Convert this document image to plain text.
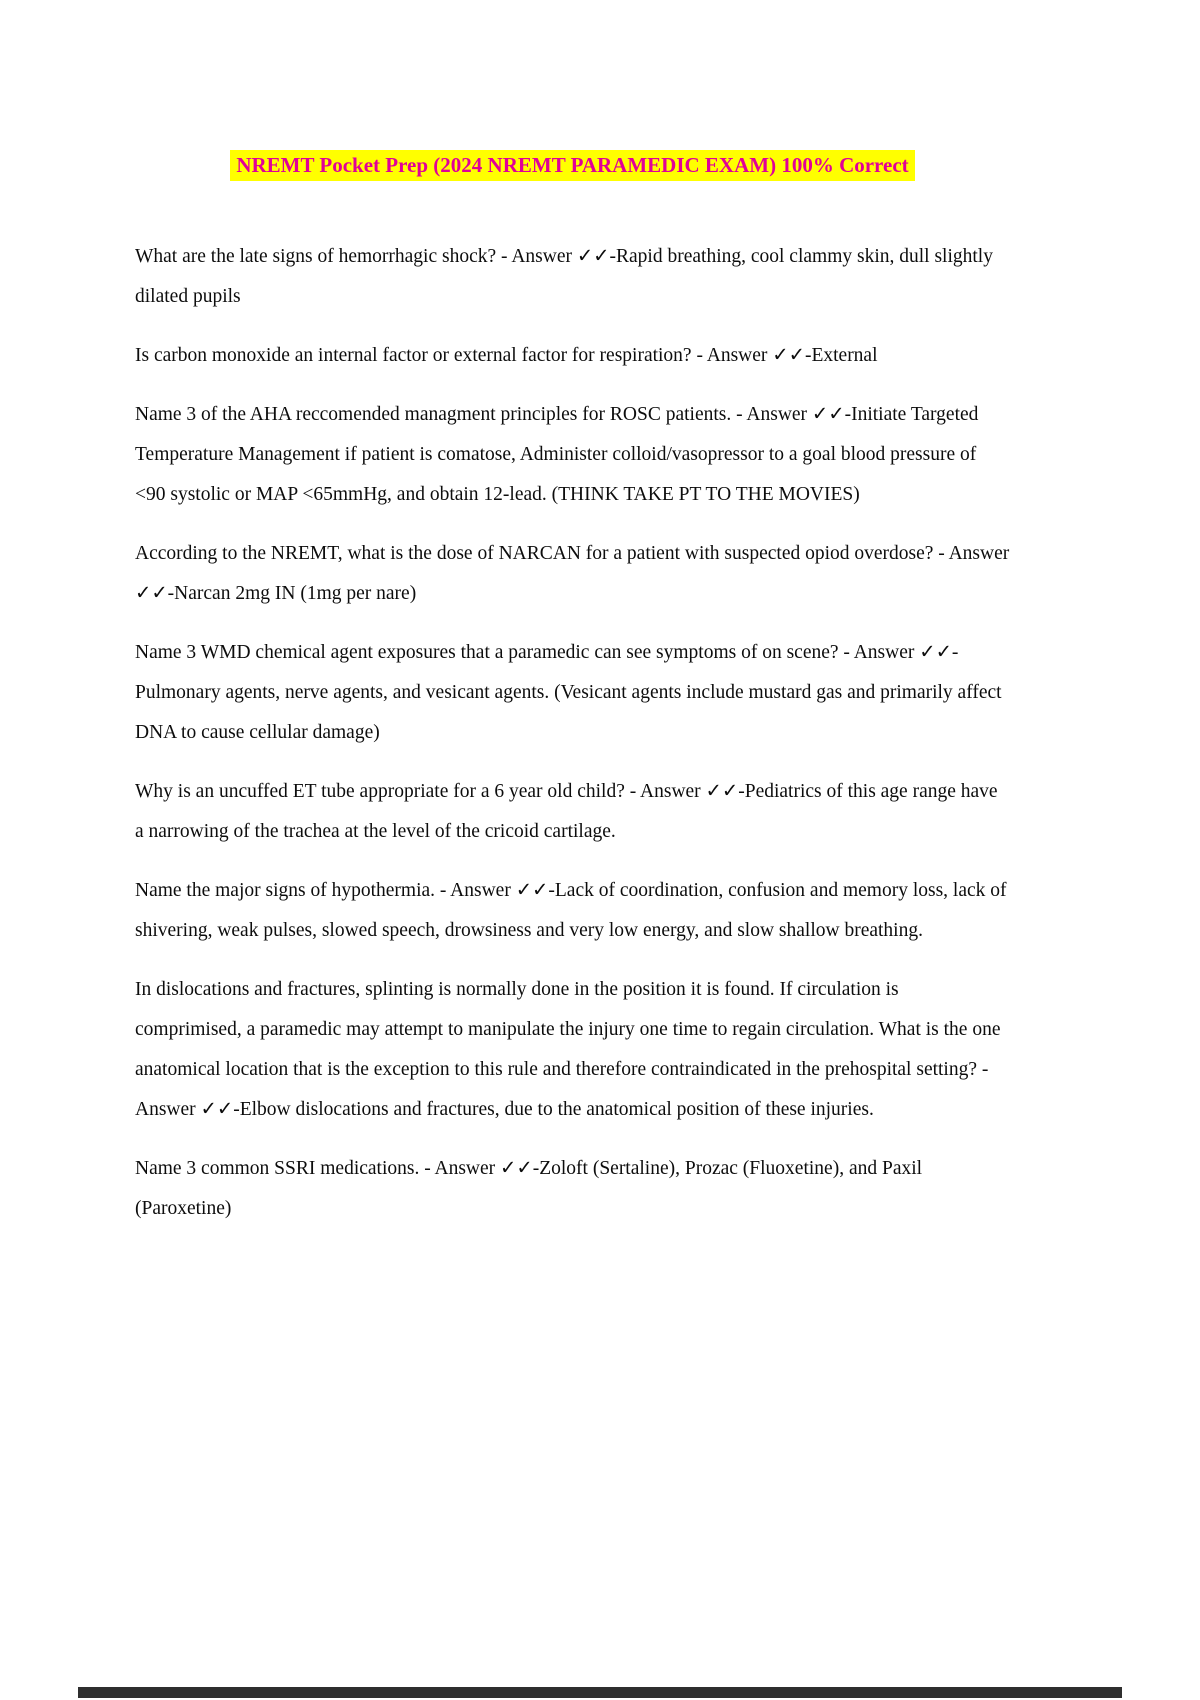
NREMT Pocket Prep (2024 NREMT PARAMEDIC EXAM) 100% Correct

What are the late signs of hemorrhagic shock? - Answer ✓✓-Rapid breathing, cool clammy skin, dull slightly dilated pupils

Is carbon monoxide an internal factor or external factor for respiration? - Answer ✓✓-External

Name 3 of the AHA reccomended managment principles for ROSC patients. - Answer ✓✓-Initiate Targeted Temperature Management if patient is comatose, Administer colloid/vasopressor to a goal blood pressure of <90 systolic or MAP <65mmHg, and obtain 12-lead. (THINK TAKE PT TO THE MOVIES)

According to the NREMT, what is the dose of NARCAN for a patient with suspected opiod overdose? - Answer ✓✓-Narcan 2mg IN (1mg per nare)

Name 3 WMD chemical agent exposures that a paramedic can see symptoms of on scene? - Answer ✓✓-Pulmonary agents, nerve agents, and vesicant agents. (Vesicant agents include mustard gas and primarily affect DNA to cause cellular damage)

Why is an uncuffed ET tube appropriate for a 6 year old child? - Answer ✓✓-Pediatrics of this age range have a narrowing of the trachea at the level of the cricoid cartilage.

Name the major signs of hypothermia. - Answer ✓✓-Lack of coordination, confusion and memory loss, lack of shivering, weak pulses, slowed speech, drowsiness and very low energy, and slow shallow breathing.

In dislocations and fractures, splinting is normally done in the position it is found. If circulation is comprimised, a paramedic may attempt to manipulate the injury one time to regain circulation. What is the one anatomical location that is the exception to this rule and therefore contraindicated in the prehospital setting? - Answer ✓✓-Elbow dislocations and fractures, due to the anatomical position of these injuries.

Name 3 common SSRI medications. - Answer ✓✓-Zoloft (Sertaline), Prozac (Fluoxetine), and Paxil (Paroxetine)
